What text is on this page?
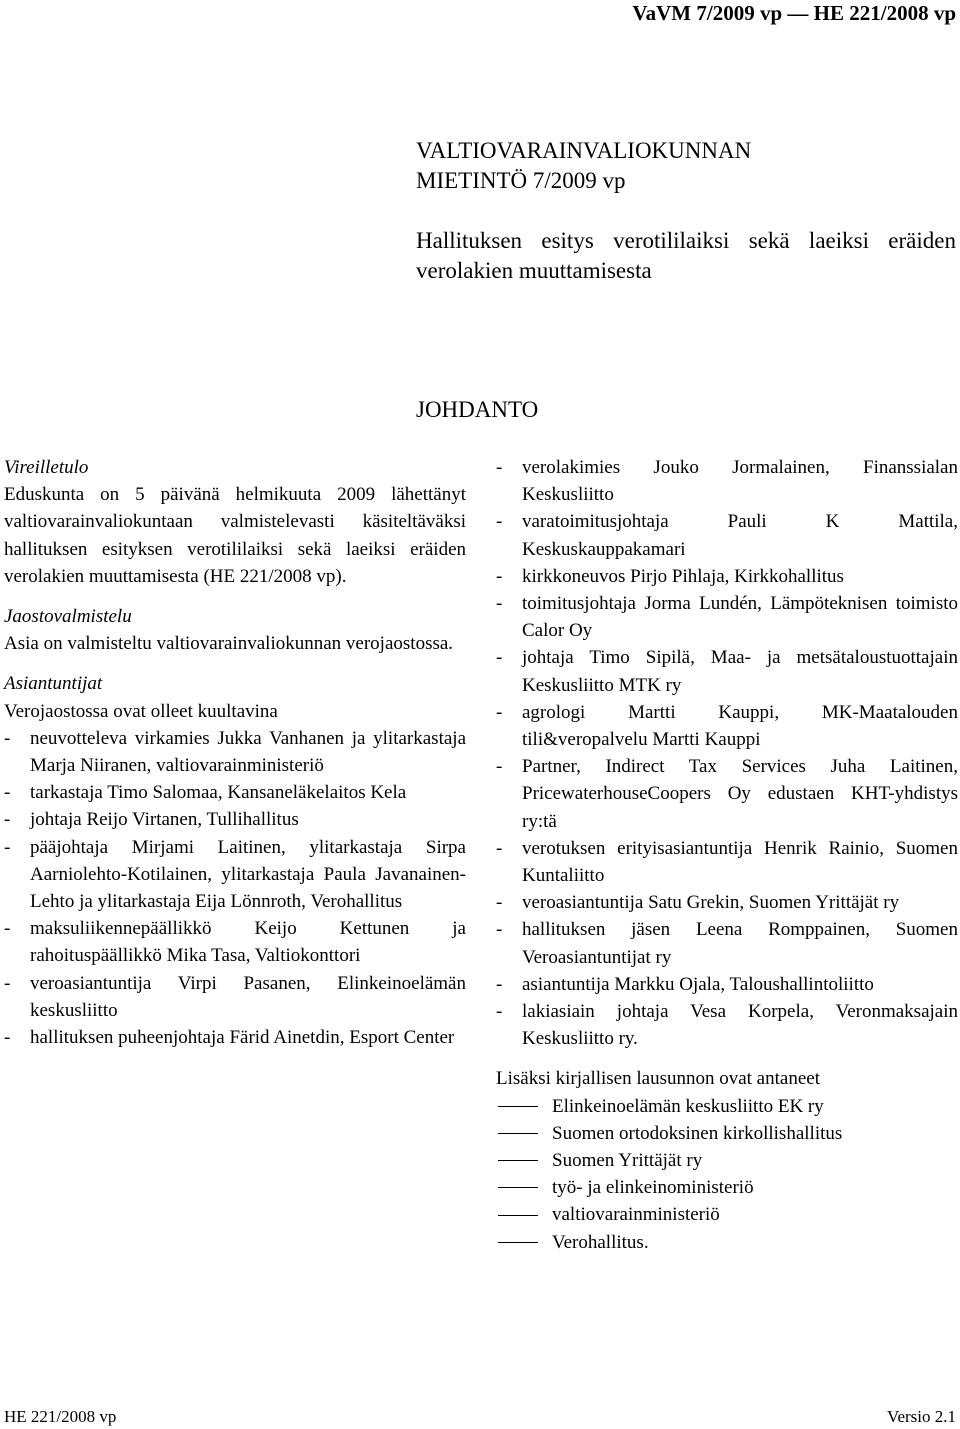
VaVM 7/2009 vp — HE 221/2008 vp

VALTIOVARAINVALIOKUNNAN

MIETINTÖ 7/2009 vp

Hallituksen esitys verotililaiksi sekä laeiksi eräiden verolakien muuttamisesta

JOHDANTO

Vireilletulo

Eduskunta on 5 päivänä helmikuuta 2009 lähettänyt valtiovarainvaliokuntaan valmistelevasti käsiteltäväksi hallituksen esityksen verotililaiksi sekä laeiksi eräiden verolakien muuttamisesta (HE 221/2008 vp).

Jaostovalmistelu

Asia on valmisteltu valtiovarainvaliokunnan verojaostossa.

Asiantuntijat

Verojaostossa ovat olleet kuultavina
- neuvotteleva virkamies Jukka Vanhanen ja ylitarkastaja Marja Niiranen, valtiovarainministeriö
- tarkastaja Timo Salomaa, Kansaneläkelaitos Kela
- johtaja Reijo Virtanen, Tullihallitus
- pääjohtaja Mirjami Laitinen, ylitarkastaja Sirpa Aarniolehto-Kotilainen, ylitarkastaja Paula Javanainen-Lehto ja ylitarkastaja Eija Lönnroth, Verohallitus
- maksuliikennepäällikkö Keijo Kettunen ja rahoituspäällikkö Mika Tasa, Valtiokonttori
- veroasiantuntija Virpi Pasanen, Elinkeinoelämän keskusliitto
- hallituksen puheenjohtaja Färid Ainetdin, Esport Center
- verolakimies Jouko Jormalainen, Finanssialan Keskusliitto
- varatoimitusjohtaja Pauli K Mattila, Keskuskauppakamari
- kirkkoneuvos Pirjo Pihlaja, Kirkkohallitus
- toimitusjohtaja Jorma Lundén, Lämpöteknisen toimisto Calor Oy
- johtaja Timo Sipilä, Maa- ja metsätaloustuottajain Keskusliitto MTK ry
- agrologi Martti Kauppi, MK-Maatalouden tili&veropalvelu Martti Kauppi
- Partner, Indirect Tax Services Juha Laitinen, PricewaterhouseCoopers Oy edustaen KHT-yhdistys ry:tä
- verotuksen erityisasiantuntija Henrik Rainio, Suomen Kuntaliitto
- veroasiantuntija Satu Grekin, Suomen Yrittäjät ry
- hallituksen jäsen Leena Romppainen, Suomen Veroasiantuntijat ry
- asiantuntija Markku Ojala, Taloushallintoliitto
- lakiasiain johtaja Vesa Korpela, Veronmaksajain Keskusliitto ry.
Lisäksi kirjallisen lausunnon ovat antaneet
Elinkeinoelämän keskusliitto EK ry
Suomen ortodoksinen kirkollishallitus
Suomen Yrittäjät ry
työ- ja elinkeinoministeriö
valtiovarainministeriö
Verohallitus.
HE 221/2008 vp	Versio 2.1
